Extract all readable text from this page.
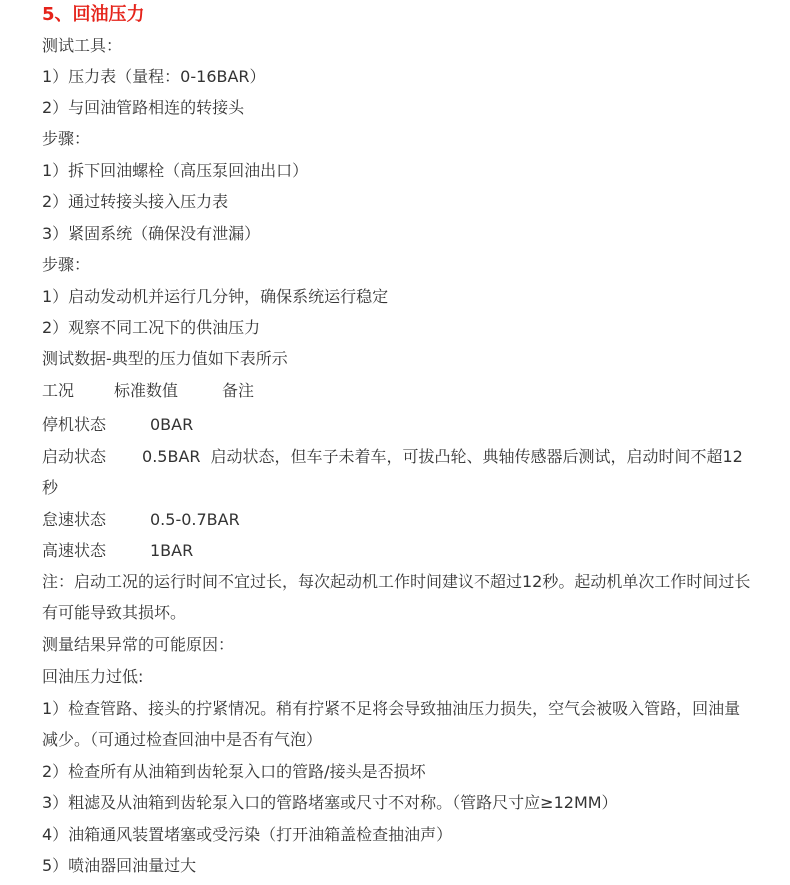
5、回油压力
测试工具：
1）压力表（量程：0-16BAR）
2）与回油管路相连的转接头
步骤：
1）拆下回油螺栓（高压泵回油出口）
2）通过转接头接入压力表
3）紧固系统（确保没有泄漏）
步骤：
1）启动发动机并运行几分钟，确保系统运行稳定
2）观察不同工况下的供油压力
测试数据-典型的压力值如下表所示
工况 标准数值	备注
停机状态	0BAR
启动状态 0.5BAR 启动状态，但车子未着车，可拔凸轮、典轴传感器后测试，启动时间不超12秒
怠速状态	0.5-0.7BAR
高速状态	1BAR
注：启动工况的运行时间不宜过长，每次起动机工作时间建议不超过12秒。起动机单次工作时间过长有可能导致其损坏。
测量结果异常的可能原因：
回油压力过低:
1）检查管路、接头的拧紧情况。稍有拧紧不足将会导致抽油压力损失，空气会被吸入管路，回油量减少。（可通过检查回油中是否有气泡）
2）检查所有从油箱到齿轮泵入口的管路/接头是否损坏
3）粗滤及从油箱到齿轮泵入口的管路堵塞或尺寸不对称。（管路尺寸应≥12MM）
4）油箱通风装置堵塞或受污染（打开油箱盖检查抽油声）
5）喷油器回油量过大
